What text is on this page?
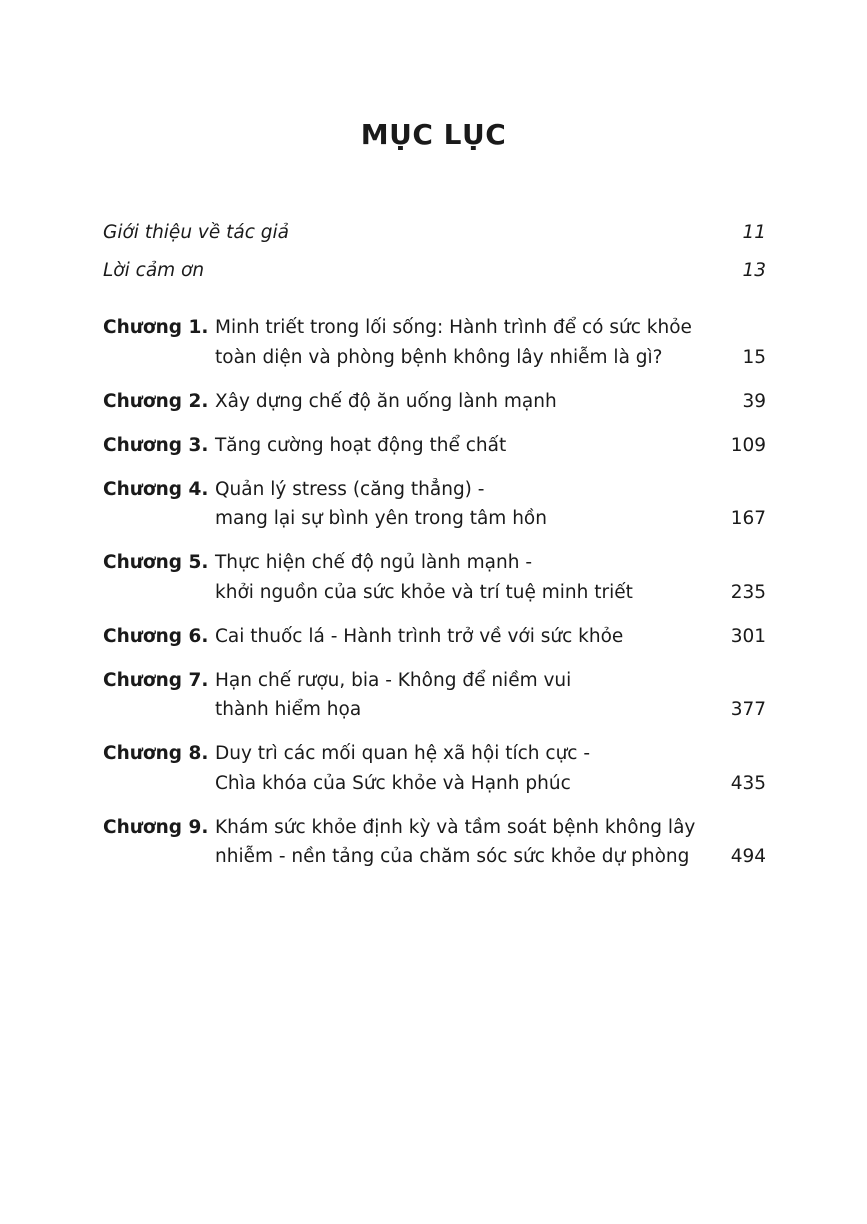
MỤC LỤC
Giới thiệu về tác giả	11
Lời cảm ơn	13
Chương 1. Minh triết trong lối sống: Hành trình để có sức khỏe
toàn diện và phòng bệnh không lây nhiễm là gì?	15
Chương 2. Xây dựng chế độ ăn uống lành mạnh	39
Chương 3. Tăng cường hoạt động thể chất	109
Chương 4. Quản lý stress (căng thẳng) -
mang lại sự bình yên trong tâm hồn	167
Chương 5. Thực hiện chế độ ngủ lành mạnh -
khởi nguồn của sức khỏe và trí tuệ minh triết	235
Chương 6. Cai thuốc lá - Hành trình trở về với sức khỏe	301
Chương 7. Hạn chế rượu, bia - Không để niềm vui
thành hiểm họa	377
Chương 8. Duy trì các mối quan hệ xã hội tích cực -
Chìa khóa của Sức khỏe và Hạnh phúc	435
Chương 9. Khám sức khỏe định kỳ và tầm soát bệnh không lây
nhiễm - nền tảng của chăm sóc sức khỏe dự phòng	494
